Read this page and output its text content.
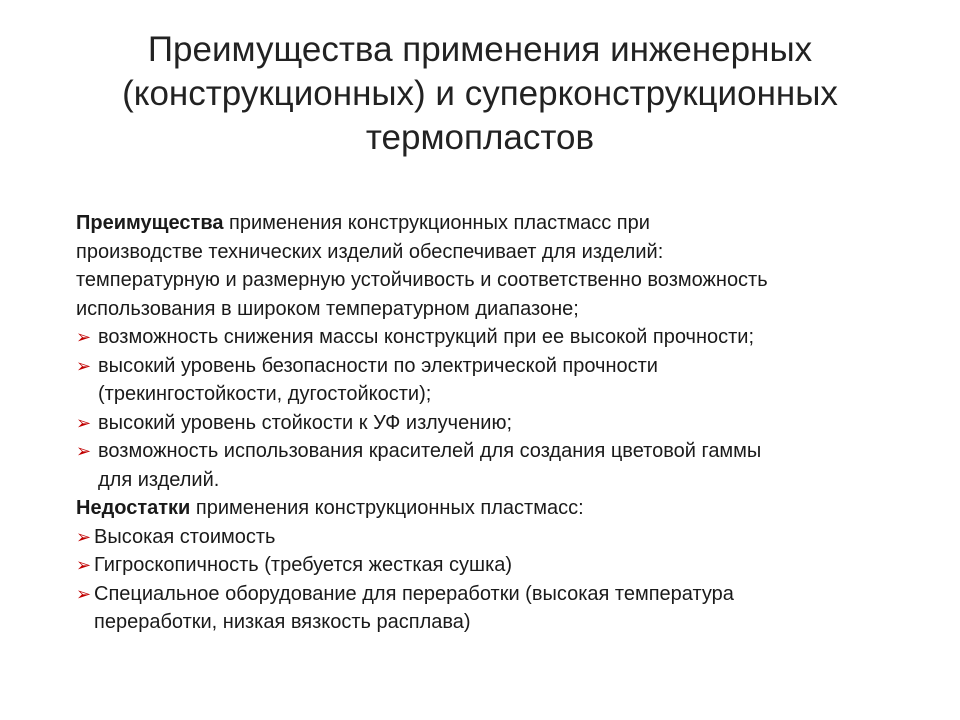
Преимущества применения инженерных
(конструкционных) и суперконструкционных
термопластов

Преимущества применения конструкционных пластмасс при
производстве технических изделий обеспечивает для изделий:
температурную и размерную устойчивость и соответственно возможность
использования в широком температурном диапазоне;

➢ возможность снижения массы конструкций при ее высокой прочности;
➢ высокий уровень безопасности по электрической прочности
(трекингостойкости, дугостойкости);
➢ высокий уровень стойкости к УФ излучению;
➢ возможность использования красителей для создания цветовой гаммы
для изделий.

Недостатки применения конструкционных пластмасс:

➢ Высокая стоимость
➢ Гигроскопичность (требуется жесткая сушка)
➢ Специальное оборудование для переработки (высокая температура
переработки, низкая вязкость расплава)
